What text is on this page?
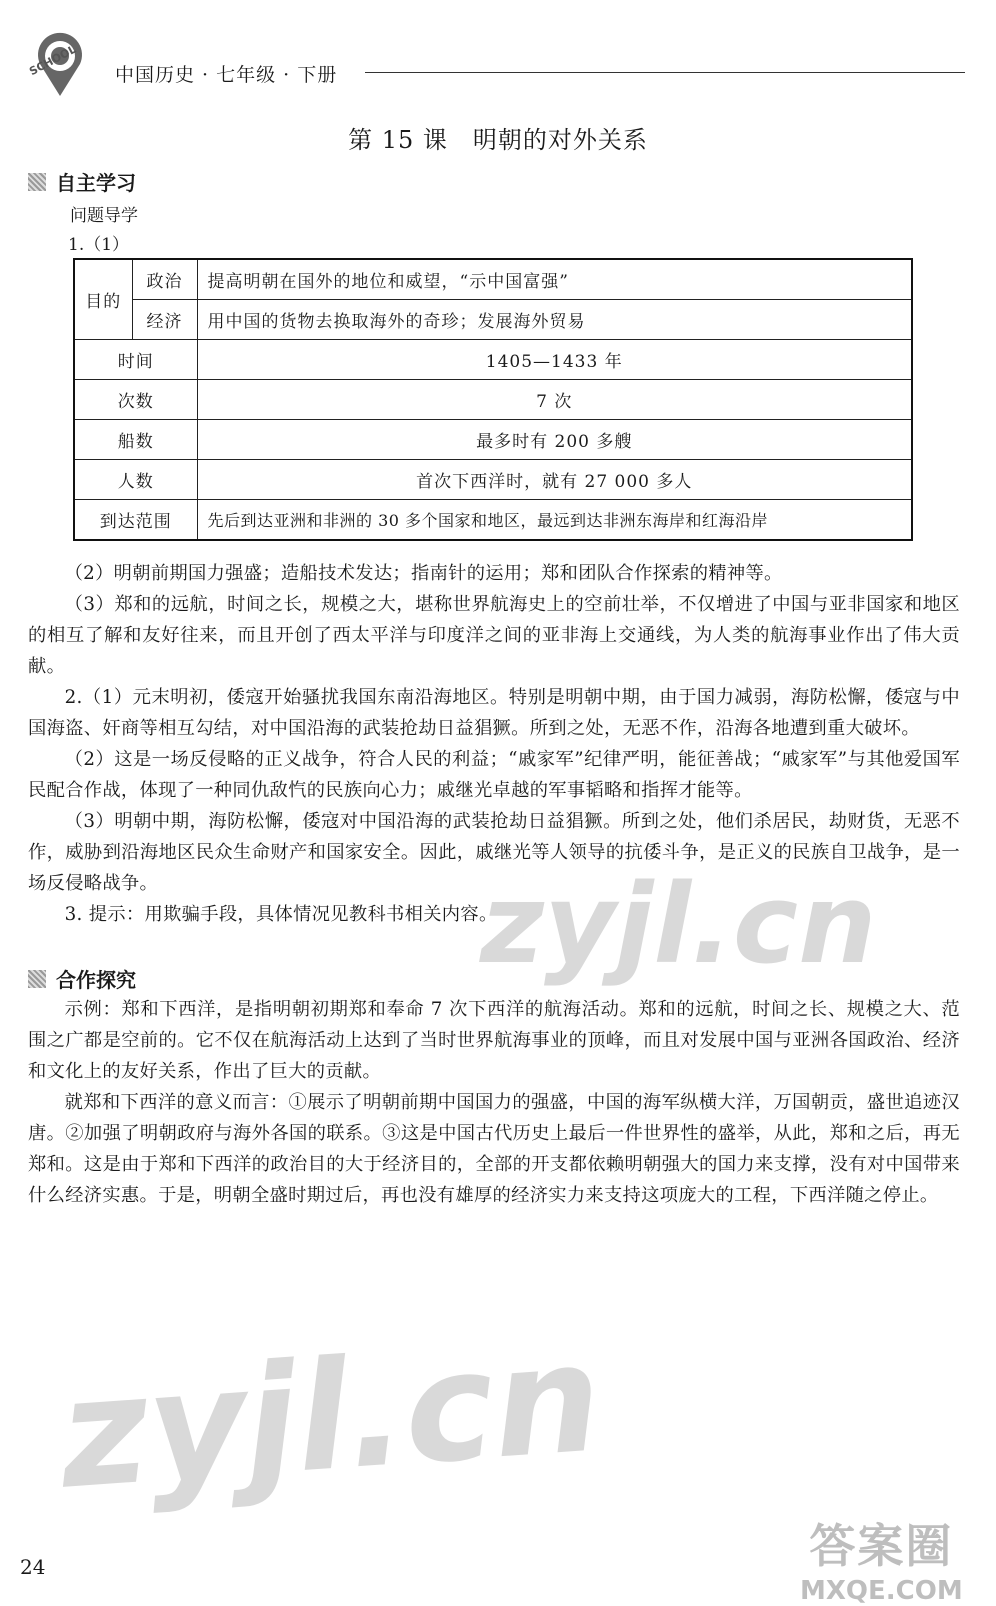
SCHOOL 中国历史 · 七年级 · 下册
第 15 课　明朝的对外关系
自主学习
问题导学
1.（1）
目的	政治	提高明朝在国外的地位和威望，“示中国富强”
	经济	用中国的货物去换取海外的奇珍；发展海外贸易
时间		1405—1433 年
次数		7 次
船数		最多时有 200 多艘
人数		首次下西洋时，就有 27 000 多人
到达范围		先后到达亚洲和非洲的 30 多个国家和地区，最远到达非洲东海岸和红海沿岸

（2）明朝前期国力强盛；造船技术发达；指南针的运用；郑和团队合作探索的精神等。

（3）郑和的远航，时间之长，规模之大，堪称世界航海史上的空前壮举，不仅增进了中国与亚非国家和地区的相互了解和友好往来，而且开创了西太平洋与印度洋之间的亚非海上交通线，为人类的航海事业作出了伟大贡献。

2.（1）元末明初，倭寇开始骚扰我国东南沿海地区。特别是明朝中期，由于国力减弱，海防松懈，倭寇与中国海盗、奸商等相互勾结，对中国沿海的武装抢劫日益猖獗。所到之处，无恶不作，沿海各地遭到重大破坏。

（2）这是一场反侵略的正义战争，符合人民的利益；“戚家军”纪律严明，能征善战；“戚家军”与其他爱国军民配合作战，体现了一种同仇敌忾的民族向心力；戚继光卓越的军事韬略和指挥才能等。

（3）明朝中期，海防松懈，倭寇对中国沿海的武装抢劫日益猖獗。所到之处，他们杀居民，劫财货，无恶不作，威胁到沿海地区民众生命财产和国家安全。因此，戚继光等人领导的抗倭斗争，是正义的民族自卫战争，是一场反侵略战争。

3. 提示：用欺骗手段，具体情况见教科书相关内容。

合作探究

示例：郑和下西洋，是指明朝初期郑和奉命 7 次下西洋的航海活动。郑和的远航，时间之长、规模之大、范围之广都是空前的。它不仅在航海活动上达到了当时世界航海事业的顶峰，而且对发展中国与亚洲各国政治、经济和文化上的友好关系，作出了巨大的贡献。

就郑和下西洋的意义而言：①展示了明朝前期中国国力的强盛，中国的海军纵横大洋，万国朝贡，盛世追迹汉唐。②加强了明朝政府与海外各国的联系。③这是中国古代历史上最后一件世界性的盛举，从此，郑和之后，再无郑和。这是由于郑和下西洋的政治目的大于经济目的，全部的开支都依赖明朝强大的国力来支撑，没有对中国带来什么经济实惠。于是，明朝全盛时期过后，再也没有雄厚的经济实力来支持这项庞大的工程，下西洋随之停止。

zyjl.cn
zyjl.cn
24	答案圈
MXQE.COM
